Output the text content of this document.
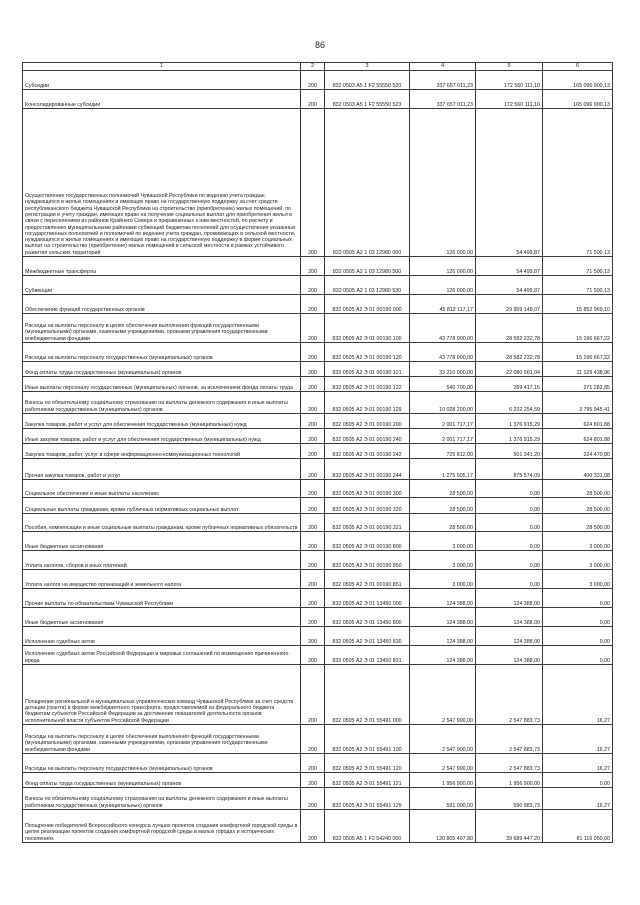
86
1	2	3	4	5	6
Субсидии	200	832 0503 А5 1 F2 55550 520	337 657 011,23	172 560 111,10	165 096 900,13
Консолидированные субсидии	200	832 0503 А5 1 F2 55550 523	337 657 011,23	172 560 111,10	165 096 900,13
Осуществление государственных полномочий Чувашской Республики по ведению учета граждан, нуждающихся в жилых помещениях и имеющих право на государственную поддержку за счет средств республиканского бюджета Чувашской Республики на строительство (приобретение) жилых помещений, по регистрации и учету граждан, имеющих право на получение социальных выплат для приобретения жилья в связи с переселением из районов Крайнего Севера и приравненных к ним местностей, по расчету и предоставлению муниципальными районами субвенций бюджетам поселений для осуществления указанных государственных полномочий и полномочий по ведению учета граждан, проживающих в сельской местности, нуждающихся в жилых помещениях и имеющих право на государственную поддержку в форме социальных выплат на строительство (приобретение) жилых помещений в сельской местности в рамках устойчивого развития сельских территорий	200	832 0505 А2 1 03 12980 000	126 000,00	54 499,87	71 500,13
Межбюджетные трансферты	200	832 0505 А2 1 03 12980 500	126 000,00	54 499,87	71 500,13
Субвенции	200	832 0505 А2 1 03 12980 530	126 000,00	54 499,87	71 500,13
Обеспечение функций государственных органов	200	832 0505 А2 Э 01 00190 000	45 812 117,17	29 959 148,07	15 852 969,10
Расходы на выплаты персоналу в целях обеспечения выполнения функций государственными (муниципальными) органами, казенными учреждениями, органами управления государственными внебюджетными фондами	200	832 0505 А2 Э 01 00190 100	43 778 900,00	28 582 232,78	15 196 667,22
Расходы на выплаты персоналу государственных (муниципальных) органов	200	832 0505 А2 Э 01 00190 120	43 778 900,00	28 582 232,78	15 196 667,22
Фонд оплаты труда государственных (муниципальных) органов	200	832 0505 А2 Э 01 00190 121	33 210 000,00	22 080 561,04	11 129 438,96
Иные выплаты персоналу государственных (муниципальных) органов, за исключением фонда оплаты труда	200	832 0505 А2 Э 01 00190 122	540 700,00	269 417,15	271 282,85
Взносы по обязательному социальному страхованию на выплаты денежного содержания и иные выплаты работникам государственных (муниципальных) органов	200	832 0505 А2 Э 01 00190 129	10 028 200,00	6 232 254,59	3 795 945,41
Закупка товаров, работ и услуг для обеспечения государственных (муниципальных) нужд	200	832 0505 А2 Э 01 00190 200	2 001 717,17	1 376 915,29	624 801,88
Иные закупки товаров, работ и услуг для обеспечения государственных (муниципальных) нужд	200	832 0505 А2 Э 01 00190 240	2 001 717,17	1 376 915,29	624 801,88
Закупка товаров, работ, услуг в сфере информационно-коммуникационных технологий	200	832 0505 А2 Э 01 00190 242	725 812,00	501 341,20	224 470,80
Прочая закупка товаров, работ и услуг	200	832 0505 А2 Э 01 00190 244	1 275 905,17	875 574,09	400 331,08
Социальное обеспечение и иные выплаты населению	200	832 0505 А2 Э 01 00190 300	28 500,00	0,00	28 500,00
Социальные выплаты гражданам, кроме публичных нормативных социальных выплат	200	832 0505 А2 Э 01 00190 320	28 500,00	0,00	28 500,00
Пособия, компенсации и иные социальные выплаты гражданам, кроме публичных нормативных обязательств	200	832 0505 А2 Э 01 00190 321	28 500,00	0,00	28 500,00
Иные бюджетные ассигнования	200	832 0505 А2 Э 01 00190 800	3 000,00	0,00	3 000,00
Уплата налогов, сборов и иных платежей	200	832 0505 А2 Э 01 00190 850	3 000,00	0,00	3 000,00
Уплата налога на имущество организаций и земельного налога	200	832 0505 А2 Э 01 00190 851	3 000,00	0,00	3 000,00
Прочие выплаты по обязательствам Чувашской Республики	200	832 0505 А2 Э 01 13450 000	124 388,00	124 388,00	0,00
Иные бюджетные ассигнования	200	832 0505 А2 Э 01 13450 800	124 388,00	124 388,00	0,00
Исполнение судебных актов	200	832 0505 А2 Э 01 13450 830	124 388,00	124 388,00	0,00
Исполнение судебных актов Российской Федерации и мировых соглашений по возмещению причиненного вреда	200	832 0505 А2 Э 01 13450 831	124 388,00	124 388,00	0,00
Поощрение региональной и муниципальных управленческих команд Чувашской Республики за счет средств дотации (гранта) в форме межбюджетного трансферта, предоставляемой из федерального бюджета бюджетам субъектов Российской Федерации за достижение показателей деятельности органов исполнительной власти субъектов Российской Федерации	200	832 0505 А2 Э 01 55491 000	2 547 900,00	2 547 883,73	16,27
Расходы на выплаты персоналу в целях обеспечения выполнения функций государственными (муниципальными) органами, казенными учреждениями, органами управления государственными внебюджетными фондами	200	832 0505 А2 Э 01 55491 100	2 547 900,00	2 547 883,73	16,27
Расходы на выплаты персоналу государственных (муниципальных) органов	200	832 0505 А2 Э 01 55491 120	2 547 900,00	2 547 883,73	16,27
Фонд оплаты труда государственных (муниципальных) органов	200	832 0505 А2 Э 01 55491 121	1 956 900,00	1 956 900,00	0,00
Взносы по обязательному социальному страхованию на выплаты денежного содержания и иные выплаты работникам государственных (муниципальных) органов	200	832 0505 А2 Э 01 55491 129	591 000,00	590 983,73	16,27
Поощрение победителей Всероссийского конкурса лучших проектов создания комфортной городской среды в целях реализации проектов создания комфортной городской среды в малых городах и исторических поселениях	200	832 0505 А5 1 F2 54240 000	120 805 497,80	39 689 447,20	81 116 050,60
